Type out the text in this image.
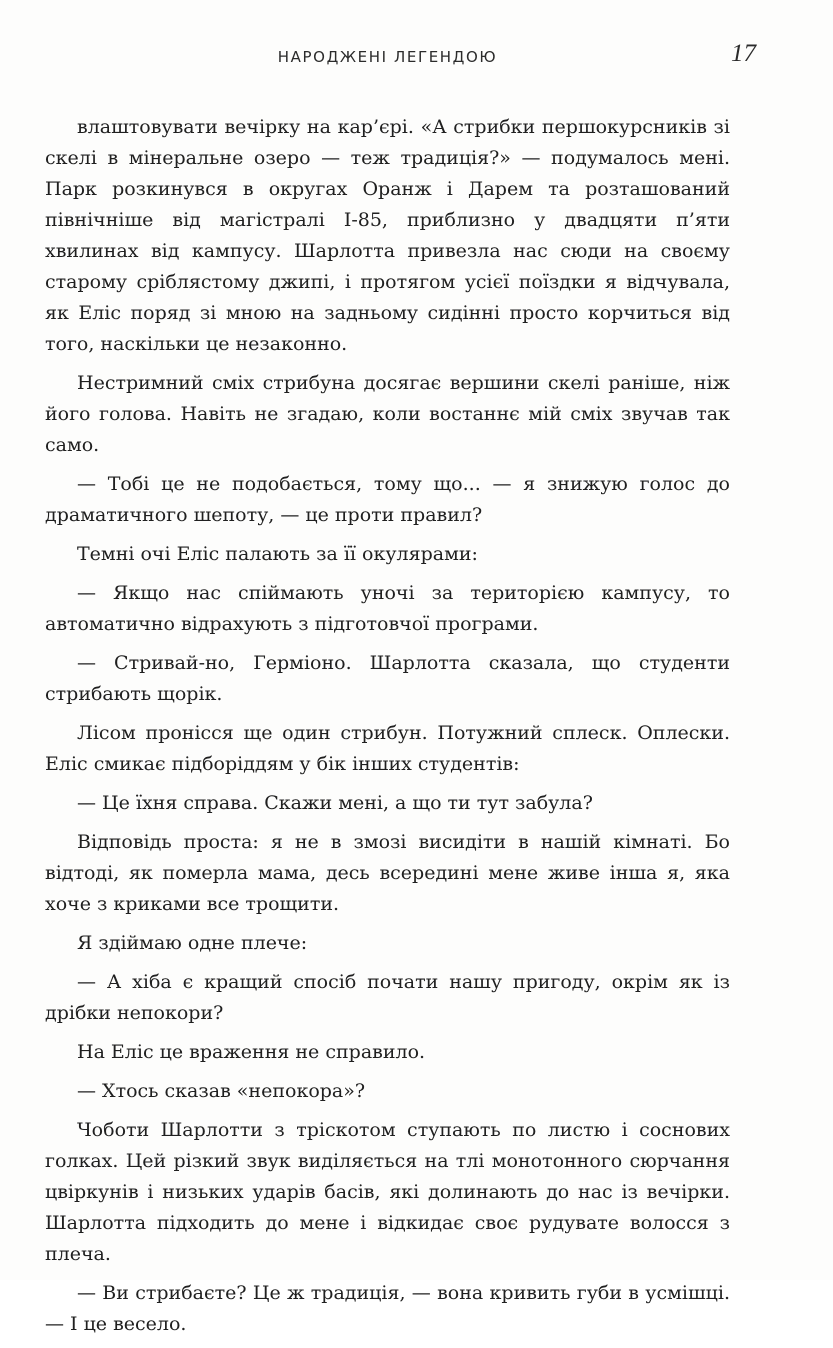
НАРОДЖЕНІ ЛЕГЕНДОЮ	17

влаштовувати вечірку на кар’єрі. «А стрибки першокурсників зі скелі в мінеральне озеро — теж традиція?» — подумалось мені. Парк розкинувся в округах Оранж і Дарем та розташований північніше від магістралі I-85, приблизно у двадцяти п’яти хвилинах від кампусу. Шарлотта привезла нас сюди на своєму старому сріблястому джипі, і протягом усієї поїздки я відчувала, як Еліс поряд зі мною на задньому сидінні просто корчиться від того, наскільки це незаконно.

Нестримний сміх стрибуна досягає вершини скелі раніше, ніж його голова. Навіть не згадаю, коли востаннє мій сміх звучав так само.

— Тобі це не подобається, тому що... — я знижую голос до драматичного шепоту, — це проти правил?

Темні очі Еліс палають за її окулярами:

— Якщо нас спіймають уночі за територією кампусу, то автоматично відрахують з підготовчої програми.

— Стривай-но, Герміоно. Шарлотта сказала, що студенти стрибають щорік.

Лісом пронісся ще один стрибун. Потужний сплеск. Оплески. Еліс смикає підборіддям у бік інших студентів:

— Це їхня справа. Скажи мені, а що ти тут забула?

Відповідь проста: я не в змозі висидіти в нашій кімнаті. Бо відтоді, як померла мама, десь всередині мене живе інша я, яка хоче з криками все трощити.

Я здіймаю одне плече:

— А хіба є кращий спосіб почати нашу пригоду, окрім як із дрібки непокори?

На Еліс це враження не справило.

— Хтось сказав «непокора»?

Чоботи Шарлотти з тріскотом ступають по листю і соснових голках. Цей різкий звук виділяється на тлі монотонного сюрчання цвіркунів і низьких ударів басів, які долинають до нас із вечірки. Шарлотта підходить до мене і відкидає своє рудувате волосся з плеча.

— Ви стрибаєте? Це ж традиція, — вона кривить губи в усмішці. — І це весело.
